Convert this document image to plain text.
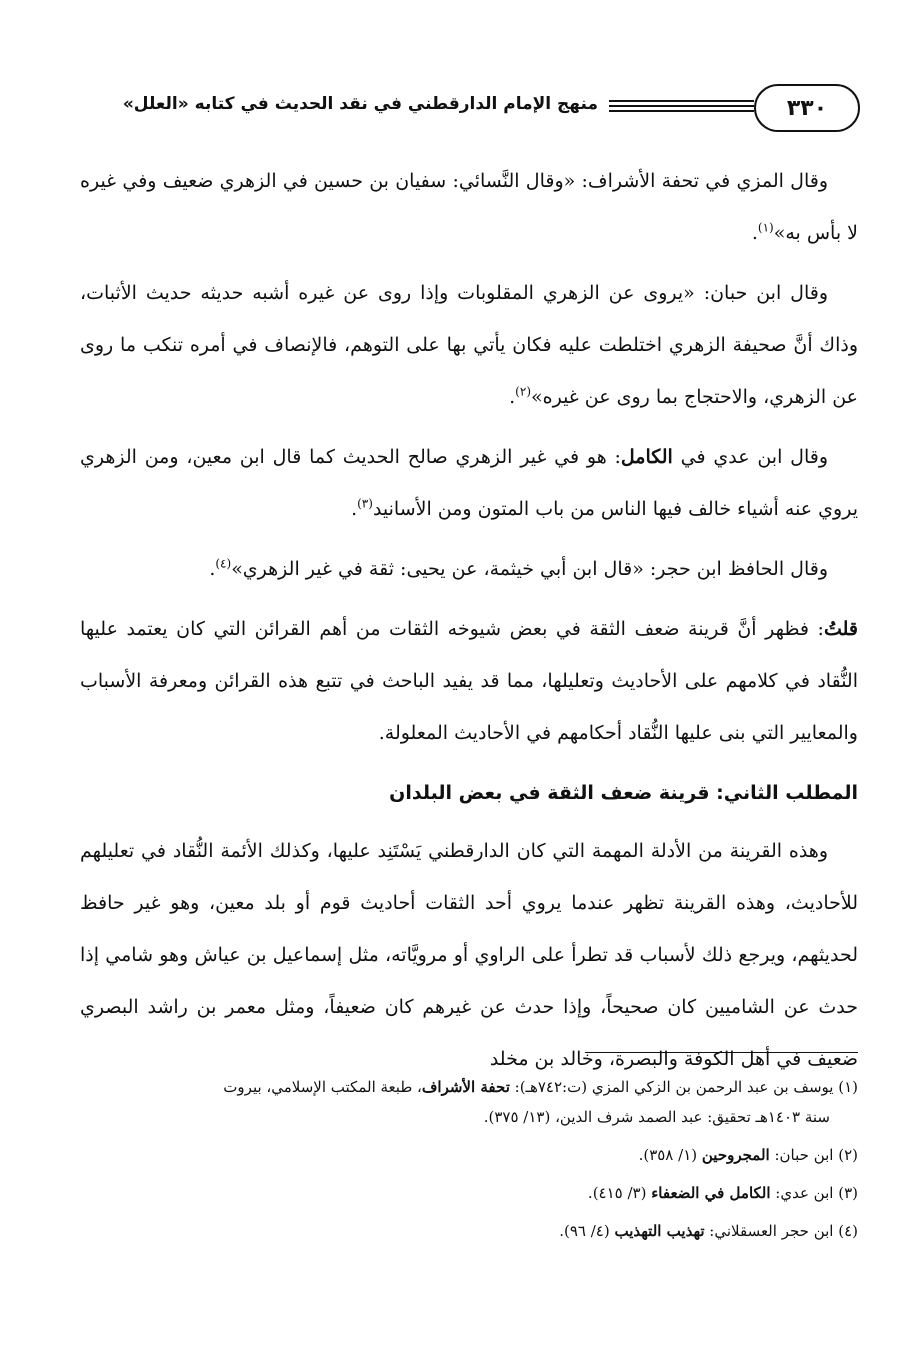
٣٣٠
منهج الإمام الدارقطني في نقد الحديث في كتابه «العلل»

وقال المزي في تحفة الأشراف: «وقال النَّسائي: سفيان بن حسين في الزهري ضعيف وفي غيره لا بأس به»$^{(١)}$.

وقال ابن حبان: «يروى عن الزهري المقلوبات وإذا روى عن غيره أشبه حديثه حديث الأثبات، وذاك أنَّ صحيفة الزهري اختلطت عليه فكان يأتي بها على التوهم، فالإنصاف في أمره تنكب ما روى عن الزهري، والاحتجاج بما روى عن غيره»$^{(٢)}$.

وقال ابن عدي في الكامل: هو في غير الزهري صالح الحديث كما قال ابن معين، ومن الزهري يروي عنه أشياء خالف فيها الناس من باب المتون ومن الأسانيد$^{(٣)}$.

وقال الحافظ ابن حجر: «قال ابن أبي خيثمة، عن يحيى: ثقة في غير الزهري»$^{(٤)}$.

قلتُ: فظهر أنَّ قرينة ضعف الثقة في بعض شيوخه الثقات من أهم القرائن التي كان يعتمد عليها النُّقاد في كلامهم على الأحاديث وتعليلها، مما قد يفيد الباحث في تتبع هذه القرائن ومعرفة الأسباب والمعايير التي بنى عليها النُّقاد أحكامهم في الأحاديث المعلولة.

المطلب الثاني: قرينة ضعف الثقة في بعض البلدان

وهذه القرينة من الأدلة المهمة التي كان الدارقطني يَسْتَنِد عليها، وكذلك الأئمة النُّقاد في تعليلهم للأحاديث، وهذه القرينة تظهر عندما يروي أحد الثقات أحاديث قوم أو بلد معين، وهو غير حافظ لحديثهم، ويرجع ذلك لأسباب قد تطرأ على الراوي أو مرويَّاته، مثل إسماعيل بن عياش وهو شامي إذا حدث عن الشاميين كان صحيحاً، وإذا حدث عن غيرهم كان ضعيفاً، ومثل معمر بن راشد البصري ضعيف في أهل الكوفة والبصرة، وخالد بن مخلد

(١) يوسف بن عبد الرحمن بن الزكي المزي (ت:٧٤٢هـ): تحفة الأشراف، طبعة المكتب الإسلامي، بيروت
سنة ١٤٠٣هـ تحقيق: عبد الصمد شرف الدين، (١٣/ ٣٧٥).

(٢) ابن حبان: المجروحين (١/ ٣٥٨).

(٣) ابن عدي: الكامل في الضعفاء (٣/ ٤١٥).

(٤) ابن حجر العسقلاني: تهذيب التهذيب (٤/ ٩٦).
